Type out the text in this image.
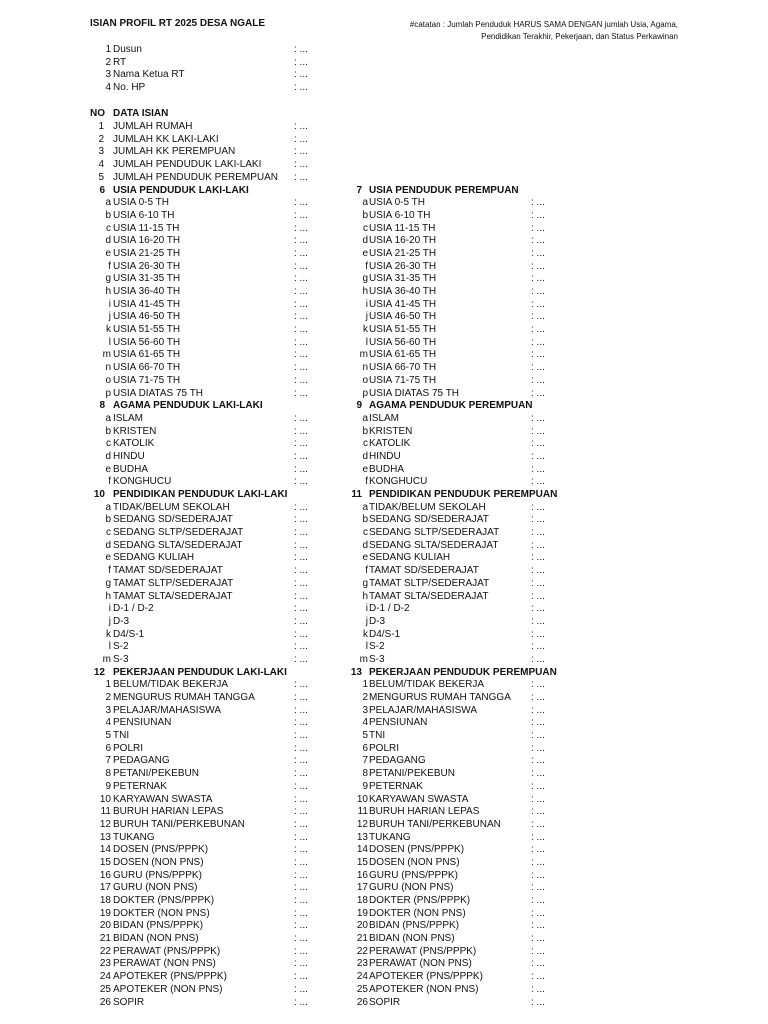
ISIAN PROFIL RT 2025 DESA NGALE	#catatan : Jumlah Penduduk HARUS SAMA DENGAN jumlah Usia, Agama,
Pendidikan Terakhir, Pekerjaan, dan Status Perkawinan
1 Dusun	: ...
2 RT	: ...
3 Nama Ketua RT	: ...
4 No. HP	: ...
NO DATA ISIAN
1 JUMLAH RUMAH	: ...
2 JUMLAH KK LAKI-LAKI	: ...
3 JUMLAH KK PEREMPUAN	: ...
4 JUMLAH PENDUDUK LAKI-LAKI	: ...
5 JUMLAH PENDUDUK PEREMPUAN : ...
6 USIA PENDUDUK LAKI-LAKI	7 USIA PENDUDUK PEREMPUAN
a USIA 0-5 TH	: ...	a USIA 0-5 TH	: ...
b USIA 6-10 TH	: ...	b USIA 6-10 TH	: ...
c USIA 11-15 TH	: ...	c USIA 11-15 TH	: ...
d USIA 16-20 TH	: ...	d USIA 16-20 TH	: ...
e USIA 21-25 TH	: ...	e USIA 21-25 TH	: ...
f USIA 26-30 TH	: ...	f USIA 26-30 TH	: ...
g USIA 31-35 TH	: ...	g USIA 31-35 TH	: ...
h USIA 36-40 TH	: ...	h USIA 36-40 TH	: ...
i USIA 41-45 TH	: ...	i USIA 41-45 TH	: ...
j USIA 46-50 TH	: ...	j USIA 46-50 TH	: ...
k USIA 51-55 TH	: ...	k USIA 51-55 TH	: ...
l USIA 56-60 TH	: ...	l USIA 56-60 TH	: ...
m USIA 61-65 TH	: ...	m USIA 61-65 TH	: ...
n USIA 66-70 TH	: ...	n USIA 66-70 TH	: ...
o USIA 71-75 TH	: ...	o USIA 71-75 TH	: ...
p USIA DIATAS 75 TH	: ...	p USIA DIATAS 75 TH	: ...
8 AGAMA PENDUDUK LAKI-LAKI	9 AGAMA PENDUDUK PEREMPUAN
a ISLAM	: ...	a ISLAM	: ...
b KRISTEN	: ...	b KRISTEN	: ...
c KATOLIK	: ...	c KATOLIK	: ...
d HINDU	: ...	d HINDU	: ...
e BUDHA	: ...	e BUDHA	: ...
f KONGHUCU	: ...	f KONGHUCU	: ...
10 PENDIDIKAN PENDUDUK LAKI-LAKI	11 PENDIDIKAN PENDUDUK PEREMPUAN
a TIDAK/BELUM SEKOLAH	: ...	a TIDAK/BELUM SEKOLAH	: ...
b SEDANG SD/SEDERAJAT	: ...	b SEDANG SD/SEDERAJAT	: ...
c SEDANG SLTP/SEDERAJAT	: ...	c SEDANG SLTP/SEDERAJAT	: ...
d SEDANG SLTA/SEDERAJAT	: ...	d SEDANG SLTA/SEDERAJAT	: ...
e SEDANG KULIAH	: ...	e SEDANG KULIAH	: ...
f TAMAT SD/SEDERAJAT	: ...	f TAMAT SD/SEDERAJAT	: ...
g TAMAT SLTP/SEDERAJAT	: ...	g TAMAT SLTP/SEDERAJAT	: ...
h TAMAT SLTA/SEDERAJAT	: ...	h TAMAT SLTA/SEDERAJAT	: ...
i D-1 / D-2	: ...	i D-1 / D-2	: ...
j D-3	: ...	j D-3	: ...
k D4/S-1	: ...	k D4/S-1	: ...
l S-2	: ...	l S-2	: ...
m S-3	: ...	m S-3	: ...
12 PEKERJAAN PENDUDUK LAKI-LAKI	13 PEKERJAAN PENDUDUK PEREMPUAN
1 BELUM/TIDAK BEKERJA	: ...	1 BELUM/TIDAK BEKERJA	: ...
2 MENGURUS RUMAH TANGGA	: ...	2 MENGURUS RUMAH TANGGA : ...
3 PELAJAR/MAHASISWA	: ...	3 PELAJAR/MAHASISWA	: ...
4 PENSIUNAN	: ...	4 PENSIUNAN	: ...
5 TNI	: ...	5 TNI	: ...
6 POLRI	: ...	6 POLRI	: ...
7 PEDAGANG	: ...	7 PEDAGANG	: ...
8 PETANI/PEKEBUN	: ...	8 PETANI/PEKEBUN	: ...
9 PETERNAK	: ...	9 PETERNAK	: ...
10 KARYAWAN SWASTA	: ...	10 KARYAWAN SWASTA	: ...
11 BURUH HARIAN LEPAS	: ...	11 BURUH HARIAN LEPAS	: ...
12 BURUH TANI/PERKEBUNAN	: ...	12 BURUH TANI/PERKEBUNAN	: ...
13 TUKANG	: ...	13 TUKANG	: ...
14 DOSEN (PNS/PPPK)	: ...	14 DOSEN (PNS/PPPK)	: ...
15 DOSEN (NON PNS)	: ...	15 DOSEN (NON PNS)	: ...
16 GURU (PNS/PPPK)	: ...	16 GURU (PNS/PPPK)	: ...
17 GURU (NON PNS)	: ...	17 GURU (NON PNS)	: ...
18 DOKTER (PNS/PPPK)	: ...	18 DOKTER (PNS/PPPK)	: ...
19 DOKTER (NON PNS)	: ...	19 DOKTER (NON PNS)	: ...
20 BIDAN (PNS/PPPK)	: ...	20 BIDAN (PNS/PPPK)	: ...
21 BIDAN (NON PNS)	: ...	21 BIDAN (NON PNS)	: ...
22 PERAWAT (PNS/PPPK)	: ...	22 PERAWAT (PNS/PPPK)	: ...
23 PERAWAT (NON PNS)	: ...	23 PERAWAT (NON PNS)	: ...
24 APOTEKER (PNS/PPPK)	: ...	24 APOTEKER (PNS/PPPK)	: ...
25 APOTEKER (NON PNS)	: ...	25 APOTEKER (NON PNS)	: ...
26 SOPIR	: ...	26 SOPIR	: ...
